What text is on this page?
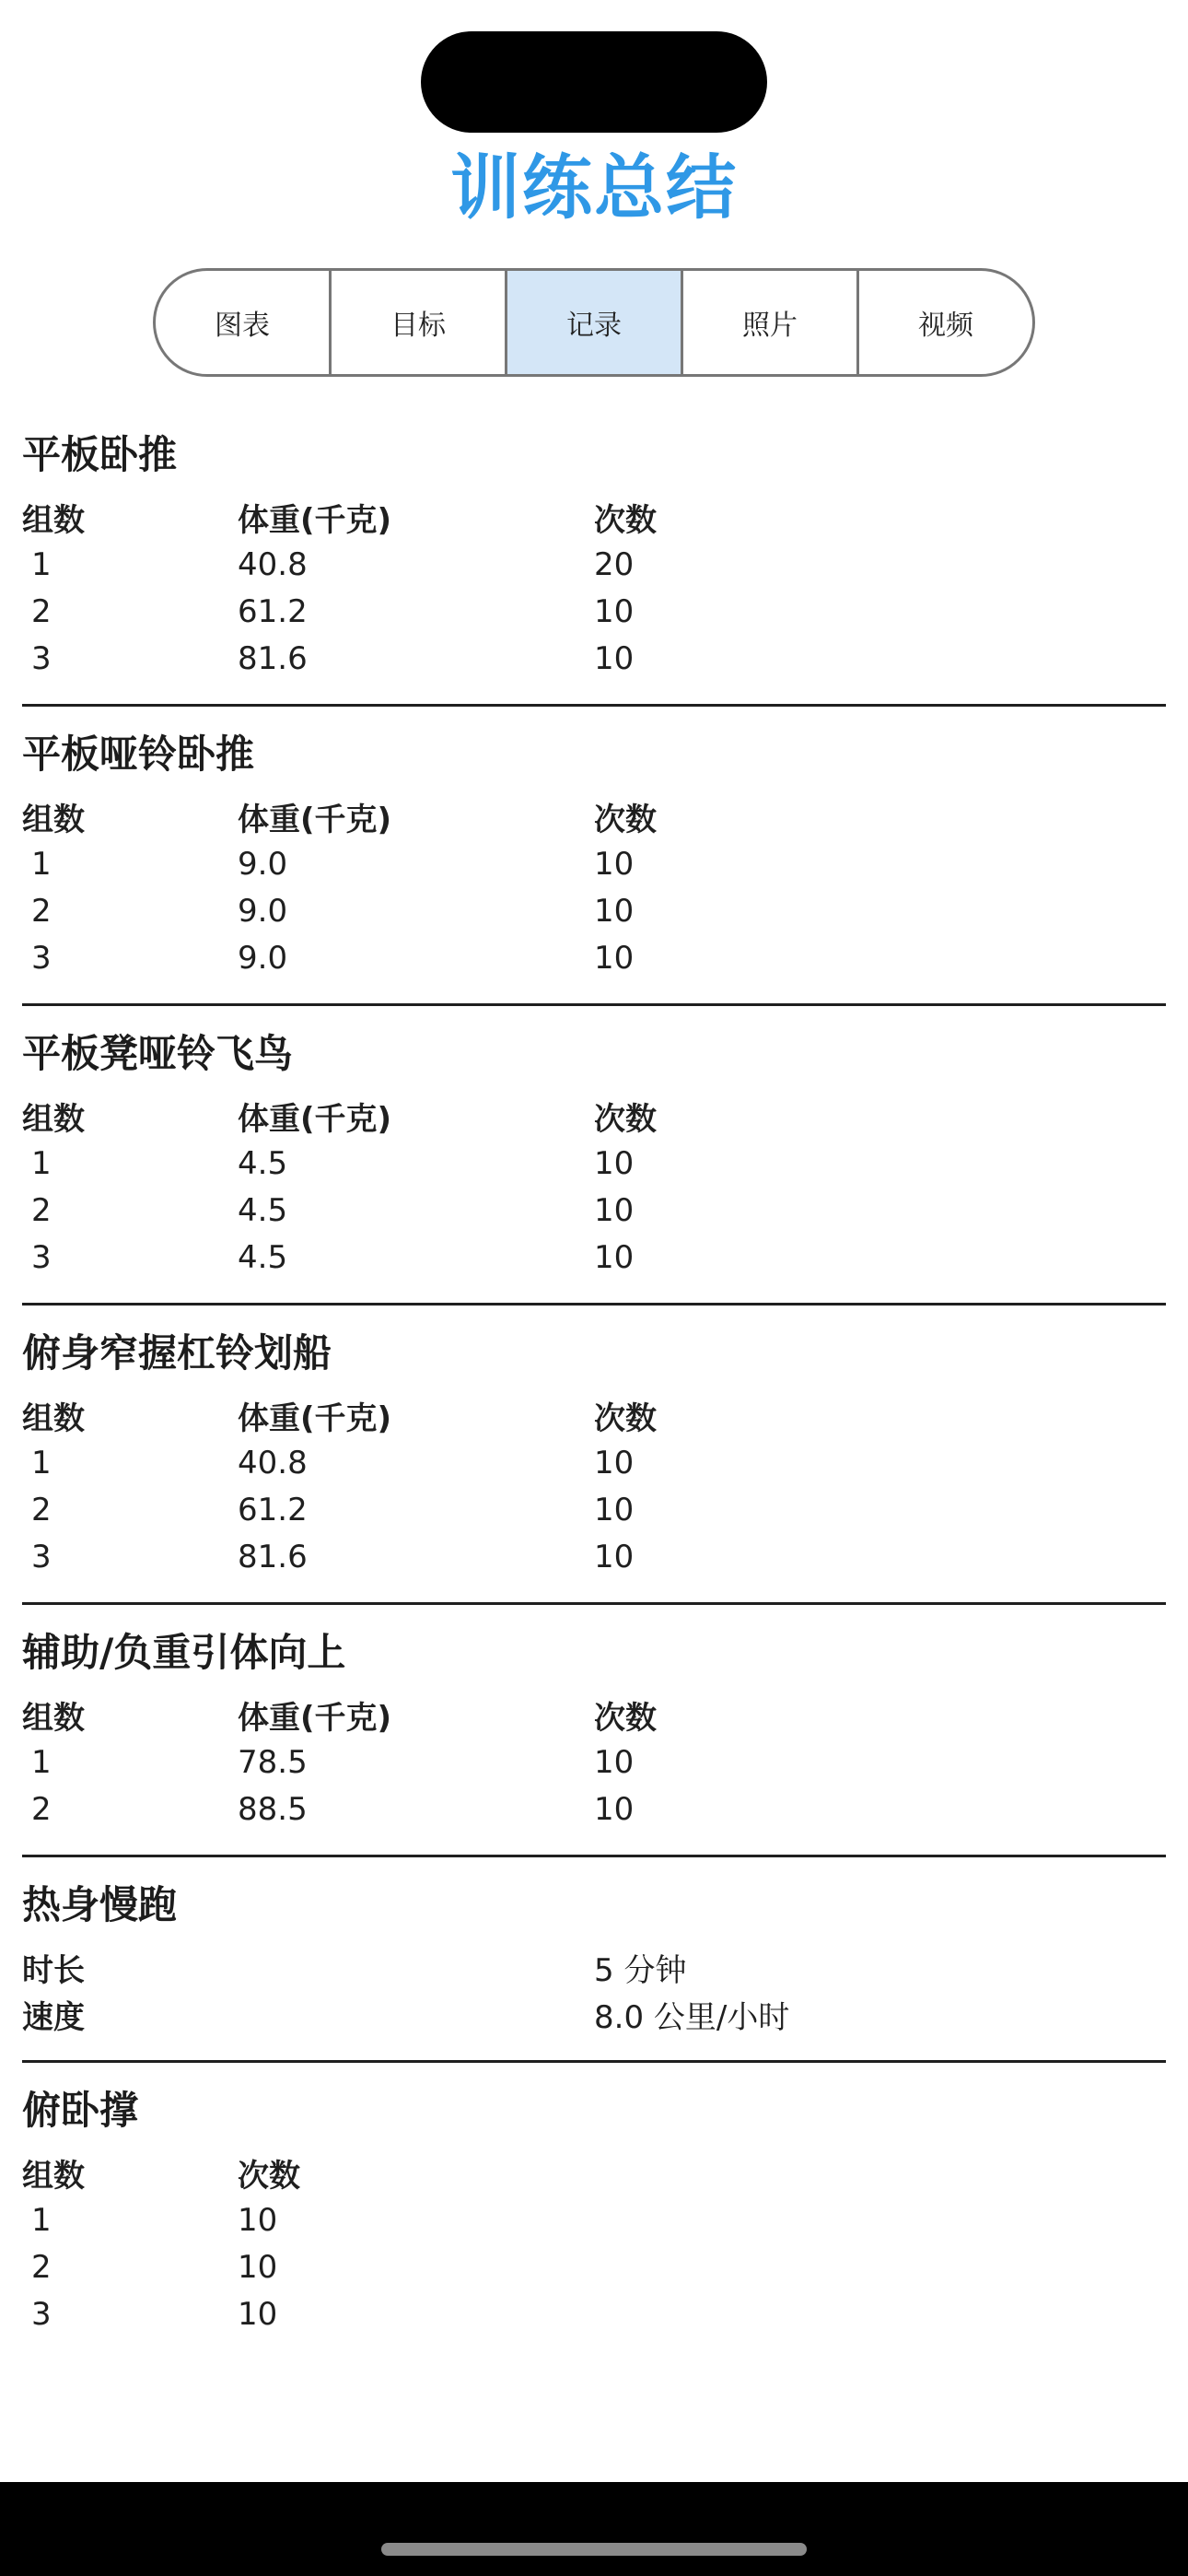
训练总结
图表	目标	记录	照片	视频
平板卧推
组数	体重(千克)	次数
1	40.8	20
2	61.2	10
3	81.6	10
平板哑铃卧推
组数	体重(千克)	次数
1	9.0	10
2	9.0	10
3	9.0	10
平板凳哑铃飞鸟
组数	体重(千克)	次数
1	4.5	10
2	4.5	10
3	4.5	10
俯身窄握杠铃划船
组数	体重(千克)	次数
1	40.8	10
2	61.2	10
3	81.6	10
辅助/负重引体向上
组数	体重(千克)	次数
1	78.5	10
2	88.5	10
热身慢跑
时长	5 分钟
速度	8.0 公里/小时
俯卧撑
组数	次数
1	10
2	10
3	10
